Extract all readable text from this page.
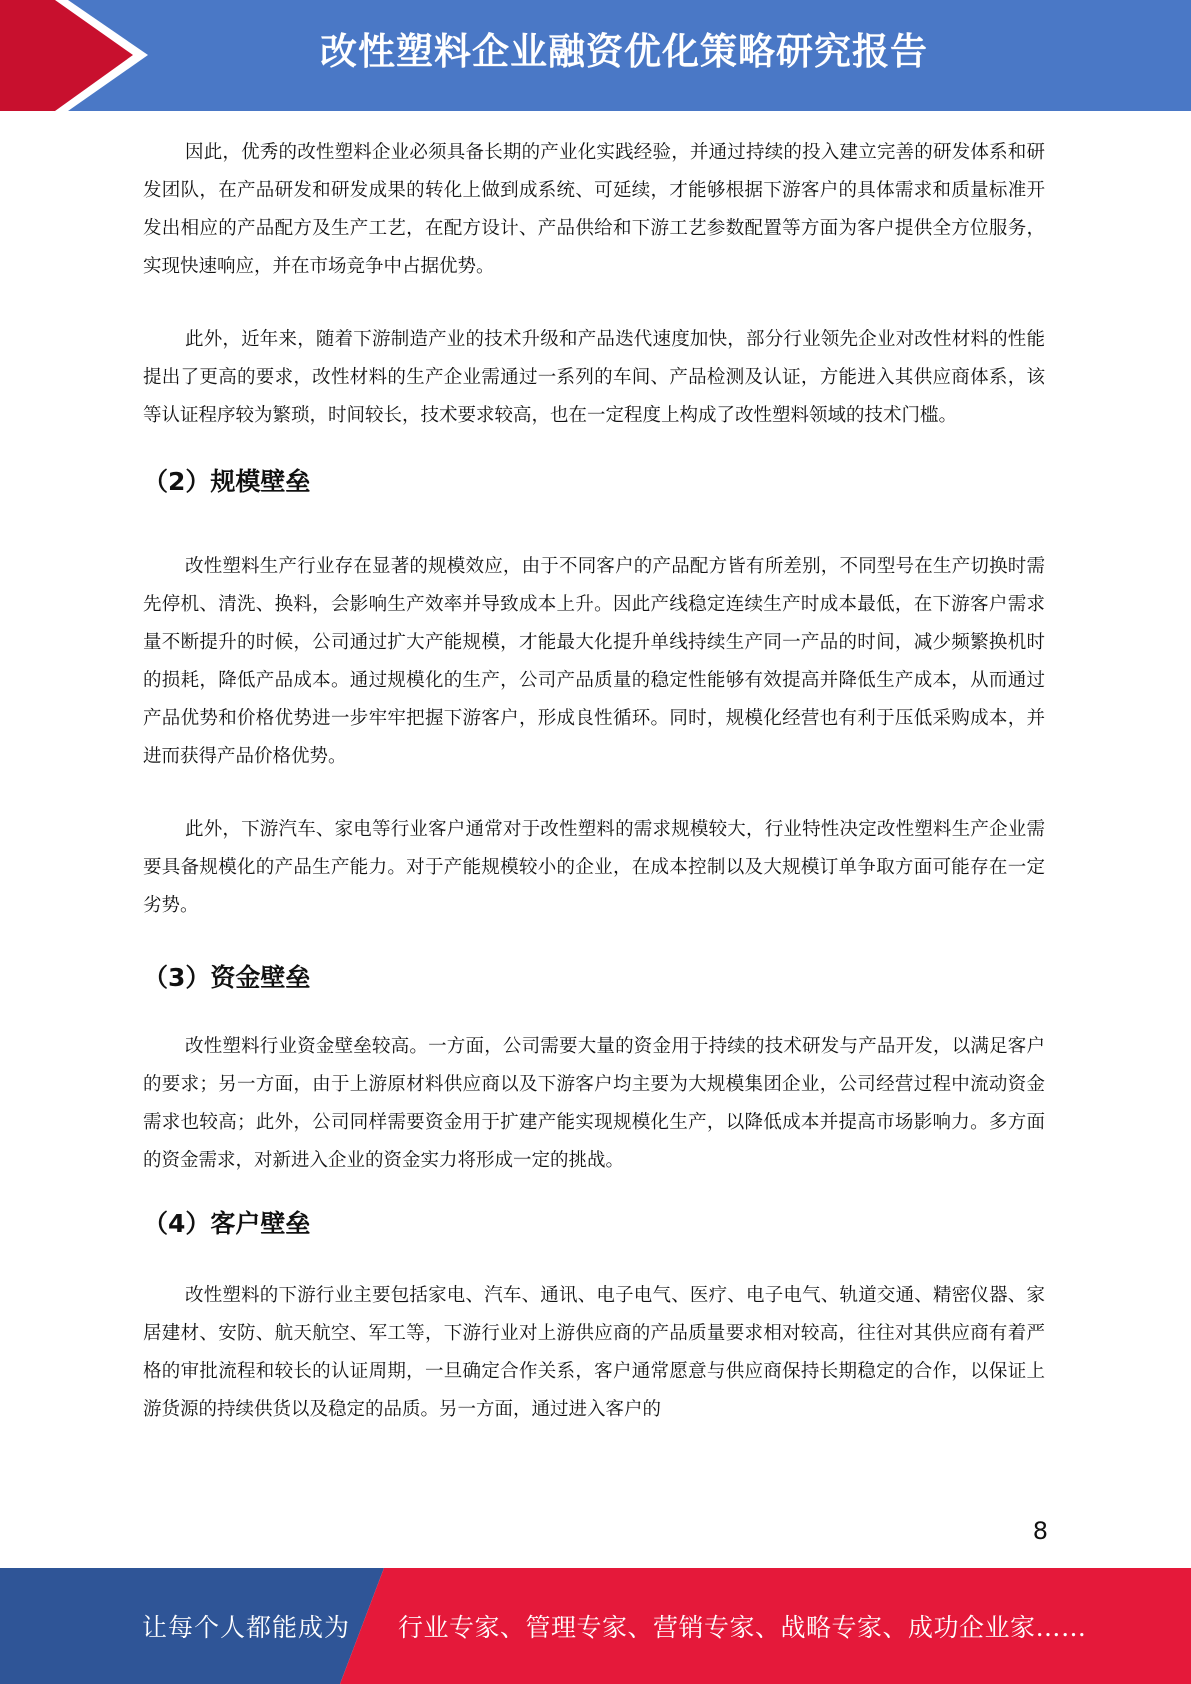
改性塑料企业融资优化策略研究报告

因此，优秀的改性塑料企业必须具备长期的产业化实践经验，并通过持续的投入建立完善的研发体系和研发团队，在产品研发和研发成果的转化上做到成系统、可延续，才能够根据下游客户的具体需求和质量标准开发出相应的产品配方及生产工艺，在配方设计、产品供给和下游工艺参数配置等方面为客户提供全方位服务，实现快速响应，并在市场竞争中占据优势。

此外，近年来，随着下游制造产业的技术升级和产品迭代速度加快，部分行业领先企业对改性材料的性能提出了更高的要求，改性材料的生产企业需通过一系列的车间、产品检测及认证，方能进入其供应商体系，该等认证程序较为繁琐，时间较长，技术要求较高，也在一定程度上构成了改性塑料领域的技术门槛。

（2）规模壁垒

改性塑料生产行业存在显著的规模效应，由于不同客户的产品配方皆有所差别，不同型号在生产切换时需先停机、清洗、换料，会影响生产效率并导致成本上升。因此产线稳定连续生产时成本最低，在下游客户需求量不断提升的时候，公司通过扩大产能规模，才能最大化提升单线持续生产同一产品的时间，减少频繁换机时的损耗，降低产品成本。通过规模化的生产，公司产品质量的稳定性能够有效提高并降低生产成本，从而通过产品优势和价格优势进一步牢牢把握下游客户，形成良性循环。同时，规模化经营也有利于压低采购成本，并进而获得产品价格优势。

此外，下游汽车、家电等行业客户通常对于改性塑料的需求规模较大，行业特性决定改性塑料生产企业需要具备规模化的产品生产能力。对于产能规模较小的企业，在成本控制以及大规模订单争取方面可能存在一定劣势。

（3）资金壁垒

改性塑料行业资金壁垒较高。一方面，公司需要大量的资金用于持续的技术研发与产品开发，以满足客户的要求；另一方面，由于上游原材料供应商以及下游客户均主要为大规模集团企业，公司经营过程中流动资金需求也较高；此外，公司同样需要资金用于扩建产能实现规模化生产，以降低成本并提高市场影响力。多方面的资金需求，对新进入企业的资金实力将形成一定的挑战。

（4）客户壁垒

改性塑料的下游行业主要包括家电、汽车、通讯、电子电气、医疗、电子电气、轨道交通、精密仪器、家居建材、安防、航天航空、军工等，下游行业对上游供应商的产品质量要求相对较高，往往对其供应商有着严格的审批流程和较长的认证周期，一旦确定合作关系，客户通常愿意与供应商保持长期稳定的合作，以保证上游货源的持续供货以及稳定的品质。另一方面，通过进入客户的

8
让每个人都能成为 行业专家、管理专家、营销专家、战略专家、成功企业家……
